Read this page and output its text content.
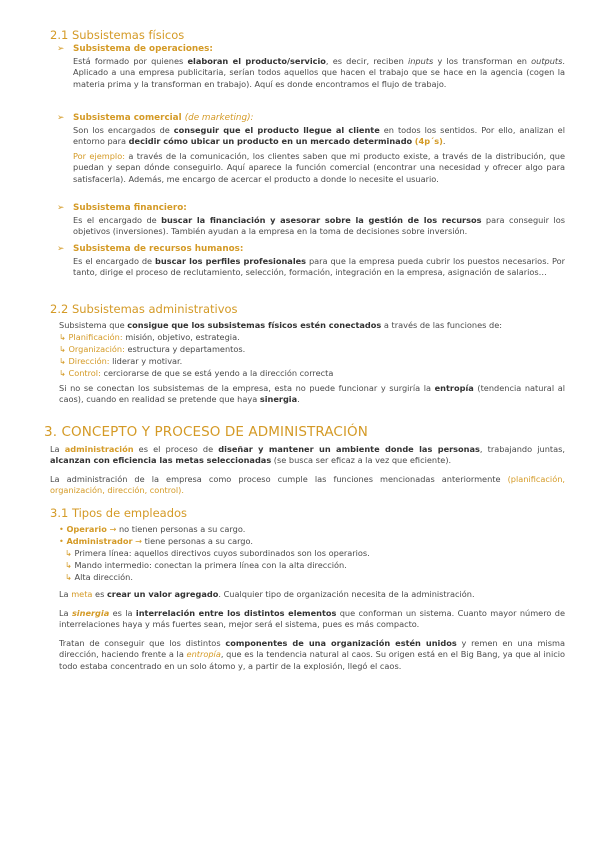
2.1 Subsistemas físicos
➢ Subsistema de operaciones:
Está formado por quienes elaboran el producto/servicio, es decir, reciben inputs y los transforman en outputs. Aplicado a una empresa publicitaria, serían todos aquellos que hacen el trabajo que se hace en la agencia (cogen la materia prima y la transforman en trabajo). Aquí es donde encontramos el flujo de trabajo.
➢ Subsistema comercial (de marketing):
Son los encargados de conseguir que el producto llegue al cliente en todos los sentidos. Por ello, analizan el entorno para decidir cómo ubicar un producto en un mercado determinado (4p´s).
Por ejemplo: a través de la comunicación, los clientes saben que mi producto existe, a través de la distribución, que puedan y sepan dónde conseguirlo. Aquí aparece la función comercial (encontrar una necesidad y ofrecer algo para satisfacerla). Además, me encargo de acercar el producto a donde lo necesite el usuario.
➢ Subsistema financiero:
Es el encargado de buscar la financiación y asesorar sobre la gestión de los recursos para conseguir los objetivos (inversiones). También ayudan a la empresa en la toma de decisiones sobre inversión.
➢ Subsistema de recursos humanos:
Es el encargado de buscar los perfiles profesionales para que la empresa pueda cubrir los puestos necesarios. Por tanto, dirige el proceso de reclutamiento, selección, formación, integración en la empresa, asignación de salarios…
2.2 Subsistemas administrativos
Subsistema que consigue que los subsistemas físicos estén conectados a través de las funciones de:
↳ Planificación: misión, objetivo, estrategia.
↳ Organización: estructura y departamentos.
↳ Dirección: liderar y motivar.
↳ Control: cerciorarse de que se está yendo a la dirección correcta
Si no se conectan los subsistemas de la empresa, esta no puede funcionar y surgiría la entropía (tendencia natural al caos), cuando en realidad se pretende que haya sinergia.
3. CONCEPTO Y PROCESO DE ADMINISTRACIÓN
La administración es el proceso de diseñar y mantener un ambiente donde las personas, trabajando juntas, alcanzan con eficiencia las metas seleccionadas (se busca ser eficaz a la vez que eficiente).
La administración de la empresa como proceso cumple las funciones mencionadas anteriormente (planificación, organización, dirección, control).
3.1 Tipos de empleados
• Operario → no tienen personas a su cargo.
• Administrador → tiene personas a su cargo.
↳ Primera línea: aquellos directivos cuyos subordinados son los operarios.
↳ Mando intermedio: conectan la primera línea con la alta dirección.
↳ Alta dirección.
La meta es crear un valor agregado. Cualquier tipo de organización necesita de la administración.
La sinergia es la interrelación entre los distintos elementos que conforman un sistema. Cuanto mayor número de interrelaciones haya y más fuertes sean, mejor será el sistema, pues es más compacto.
Tratan de conseguir que los distintos componentes de una organización estén unidos y remen en una misma dirección, haciendo frente a la entropía, que es la tendencia natural al caos. Su origen está en el Big Bang, ya que al inicio todo estaba concentrado en un solo átomo y, a partir de la explosión, llegó el caos.
